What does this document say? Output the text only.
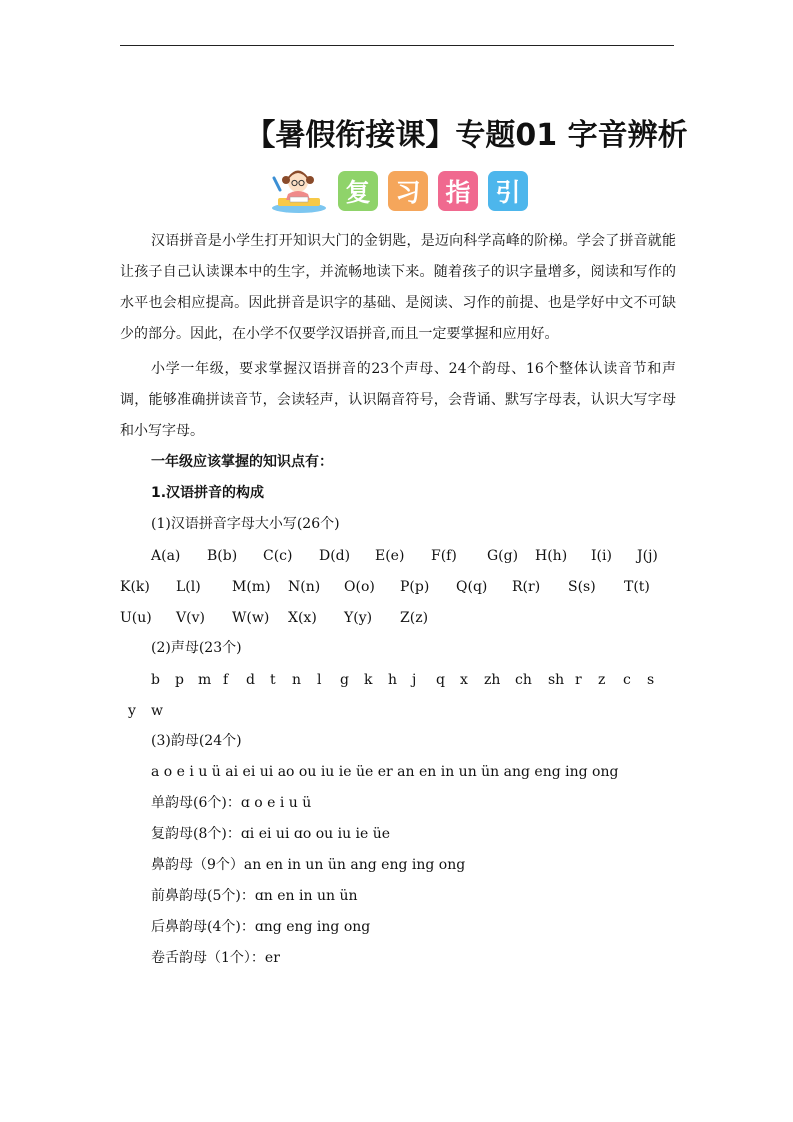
【暑假衔接课】专题01 字音辨析
复 习 指 引

汉语拼音是小学生打开知识大门的金钥匙，是迈向科学高峰的阶梯。学会了拼音就能让孩子自己认读课本中的生字，并流畅地读下来。随着孩子的识字量增多，阅读和写作的水平也会相应提高。因此拼音是识字的基础、是阅读、习作的前提、也是学好中文不可缺少的部分。因此，在小学不仅要学汉语拼音,而且一定要掌握和应用好。

小学一年级，要求掌握汉语拼音的23个声母、24个韵母、16个整体认读音节和声调，能够准确拼读音节，会读轻声，认识隔音符号，会背诵、默写字母表，认识大写字母和小写字母。

一年级应该掌握的知识点有：
1.汉语拼音的构成
(1)汉语拼音字母大小写(26个)
A(a)	B(b)	C(c)	D(d)	E(e)	F(f)	G(g)	H(h)	I(i)	J(j)
K(k)	L(l)	M(m)	N(n)	O(o)	P(p)	Q(q)	R(r)	S(s)	T(t)
U(u)	V(v)	W(w)	X(x)	Y(y)	Z(z)
(2)声母(23个)
b	p	m f	d	t	n	l	g	k	h	j	q	x	zh	ch	sh r	z	c	s
y	w
(3)韵母(24个)
a o e i u ü ai ei ui ao ou iu ie üe er an en in un ün ang eng ing ong
单韵母(6个)：ɑ o e i u ü
复韵母(8个)：ɑi ei ui ɑo ou iu ie üe
鼻韵母（9个）an en in un ün ang eng ing ong
前鼻韵母(5个)：ɑn en in un ün
后鼻韵母(4个)：ɑng eng ing ong
卷舌韵母（1个）：er
